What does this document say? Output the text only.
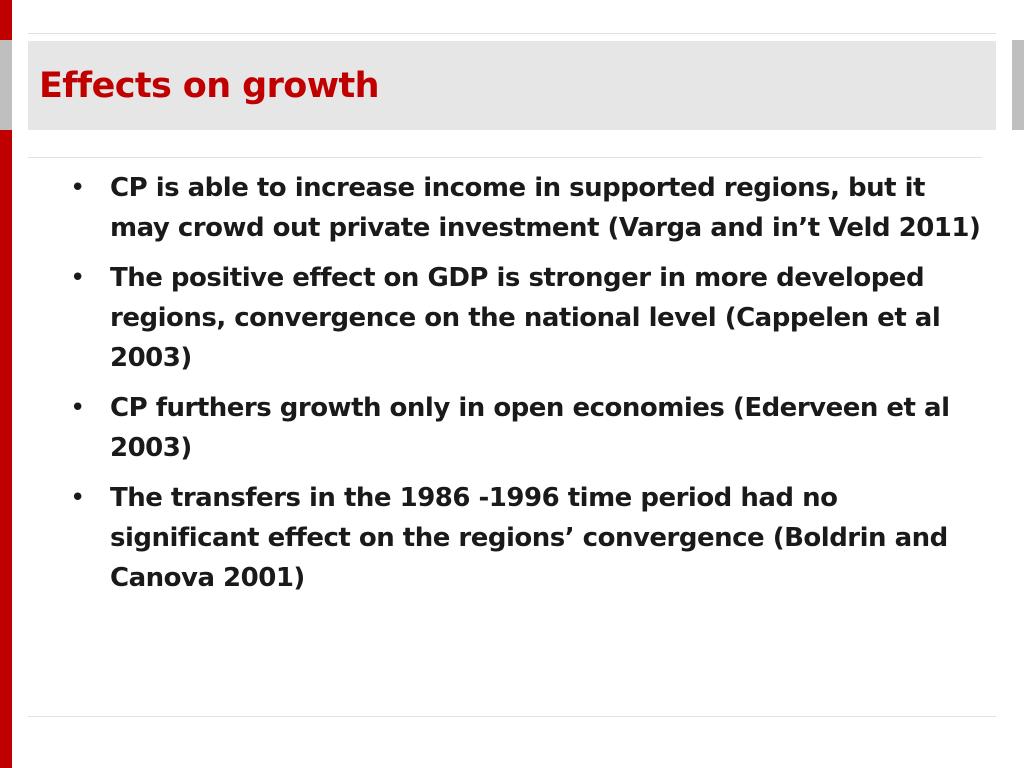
Effects on growth
• CP is able to increase income in supported regions, but it may crowd out private investment (Varga and in’t Veld 2011)
• The positive effect on GDP is stronger in more developed regions, convergence on the national level (Cappelen et al 2003)
• CP furthers growth only in open economies (Ederveen et al 2003)
• The transfers in the 1986 -1996 time period had no significant effect on the regions’ convergence (Boldrin and Canova 2001)
